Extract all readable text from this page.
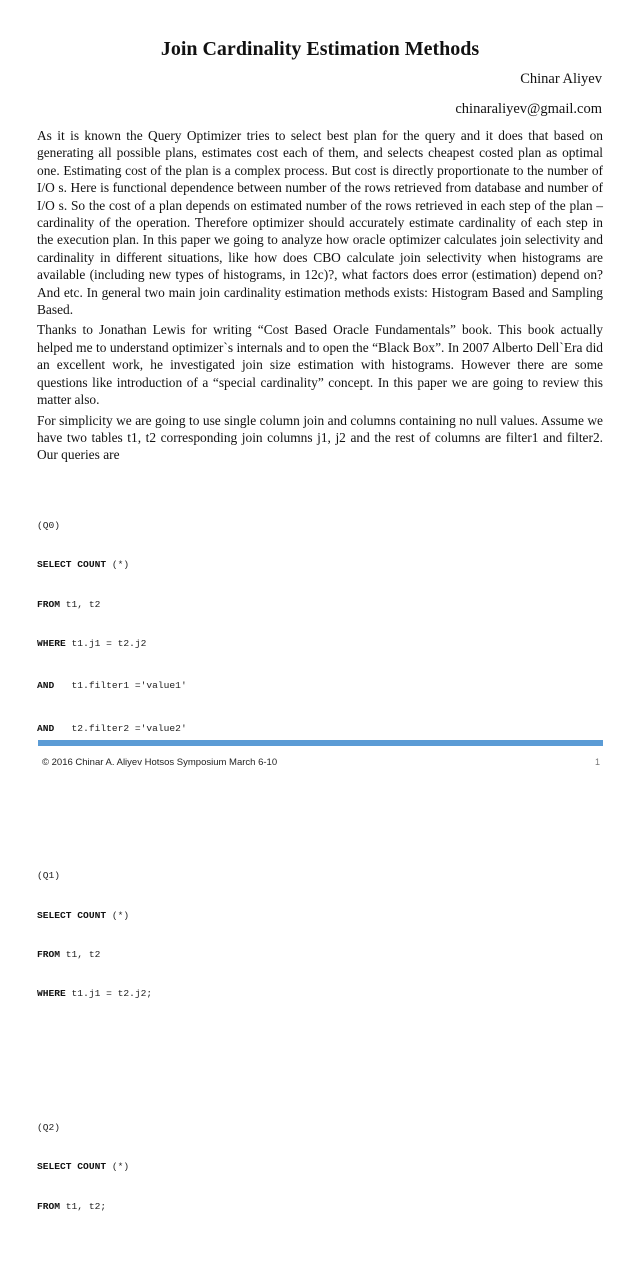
Join Cardinality Estimation Methods
Chinar Aliyev
chinaraliyev@gmail.com

As it is known the Query Optimizer tries to select best plan for the query and it does that based on generating all possible plans, estimates cost each of them, and selects cheapest costed plan as optimal one. Estimating cost of the plan is a complex process. But cost is directly proportionate to the number of I/O s. Here is functional dependence between number of the rows retrieved from database and number of I/O s. So the cost of a plan depends on estimated number of the rows retrieved in each step of the plan – cardinality of the operation. Therefore optimizer should accurately estimate cardinality of each step in the execution plan. In this paper we going to analyze how oracle optimizer calculates join selectivity and cardinality in different situations, like how does CBO calculate join selectivity when histograms are available (including new types of histograms, in 12c)?, what factors does error (estimation) depend on? And etc. In general two main join cardinality estimation methods exists: Histogram Based and Sampling Based.

Thanks to Jonathan Lewis for writing “Cost Based Oracle Fundamentals” book. This book actually helped me to understand optimizer`s internals and to open the “Black Box”. In 2007 Alberto Dell`Era did an excellent work, he investigated join size estimation with histograms. However there are some questions like introduction of a “special cardinality” concept. In this paper we are going to review this matter also.

For simplicity we are going to use single column join and columns containing no null values. Assume we have two tables t1, t2 corresponding join columns j1, j2 and the rest of columns are filter1 and filter2. Our queries are

(Q0)

SELECT COUNT (*)

FROM t1, t2

WHERE t1.j1 = t2.j2

AND   t1.filter1 ='value1'

AND   t2.filter2 ='value2'

(Q1)

SELECT COUNT (*)

FROM t1, t2

WHERE t1.j1 = t2.j2;

(Q2)

SELECT COUNT (*)

FROM t1, t2;

© 2016 Chinar A. Aliyev Hotsos Symposium March 6-10	1
